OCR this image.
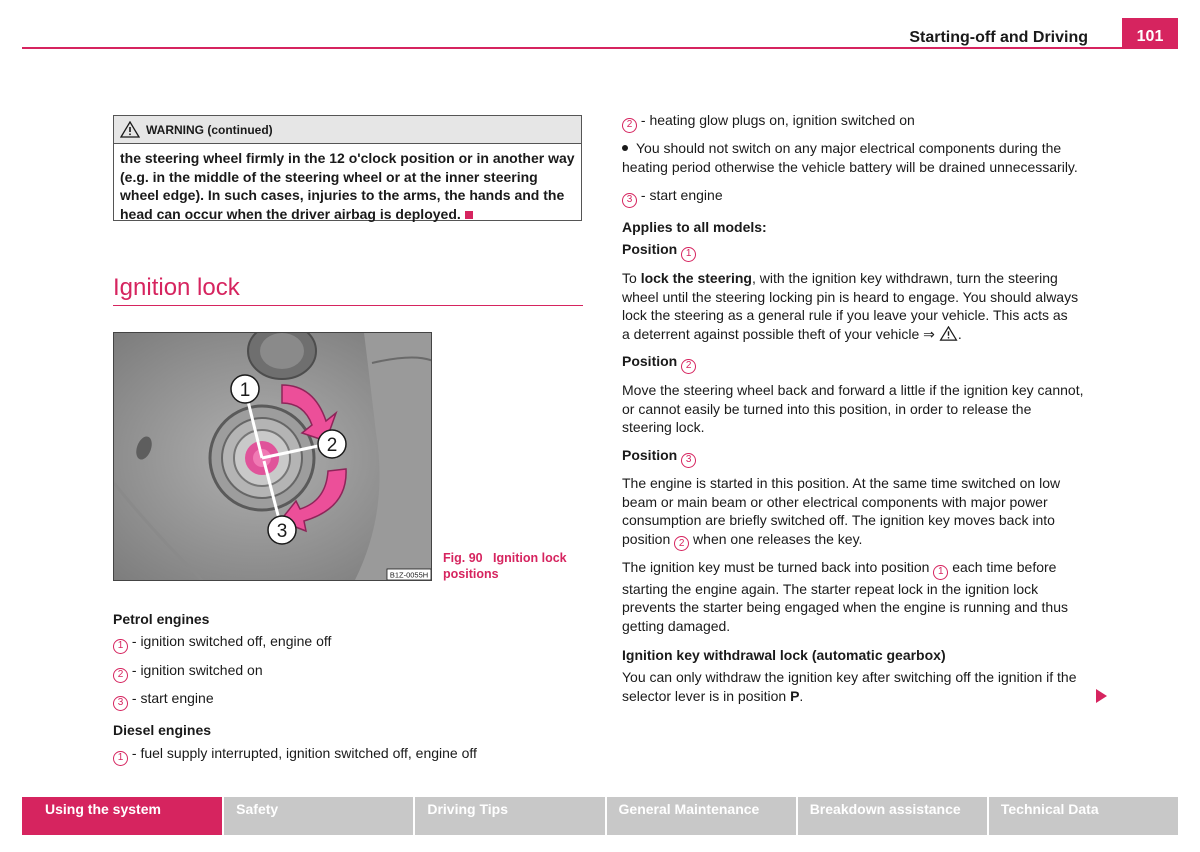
Starting-off and Driving	101
WARNING (continued)
the steering wheel firmly in the 12 o'clock position or in another way (e.g. in the middle of the steering wheel or at the inner steering wheel edge). In such cases, injuries to the arms, the hands and the head can occur when the driver airbag is deployed.
Ignition lock
1
2
3
B1Z-0055H
Fig. 90   Ignition lock
positions
Petrol engines
1 - ignition switched off, engine off
2 - ignition switched on
3 - start engine
Diesel engines
1 - fuel supply interrupted, ignition switched off, engine off
2 - heating glow plugs on, ignition switched on
You should not switch on any major electrical components during the
heating period otherwise the vehicle battery will be drained unnecessarily.
3 - start engine
Applies to all models:
Position 1
To lock the steering, with the ignition key withdrawn, turn the steering
wheel until the steering locking pin is heard to engage. You should always
lock the steering as a general rule if you leave your vehicle. This acts as
a deterrent against possible theft of your vehicle ⇒ .
Position 2
Move the steering wheel back and forward a little if the ignition key cannot,
or cannot easily be turned into this position, in order to release the
steering lock.
Position 3
The engine is started in this position. At the same time switched on low
beam or main beam or other electrical components with major power
consumption are briefly switched off. The ignition key moves back into
position 2 when one releases the key.
The ignition key must be turned back into position 1 each time before
starting the engine again. The starter repeat lock in the ignition lock
prevents the starter being engaged when the engine is running and thus
getting damaged.
Ignition key withdrawal lock (automatic gearbox)
You can only withdraw the ignition key after switching off the ignition if the
selector lever is in position P.
Using the system	Safety	Driving Tips	General Maintenance	Breakdown assistance	Technical Data
